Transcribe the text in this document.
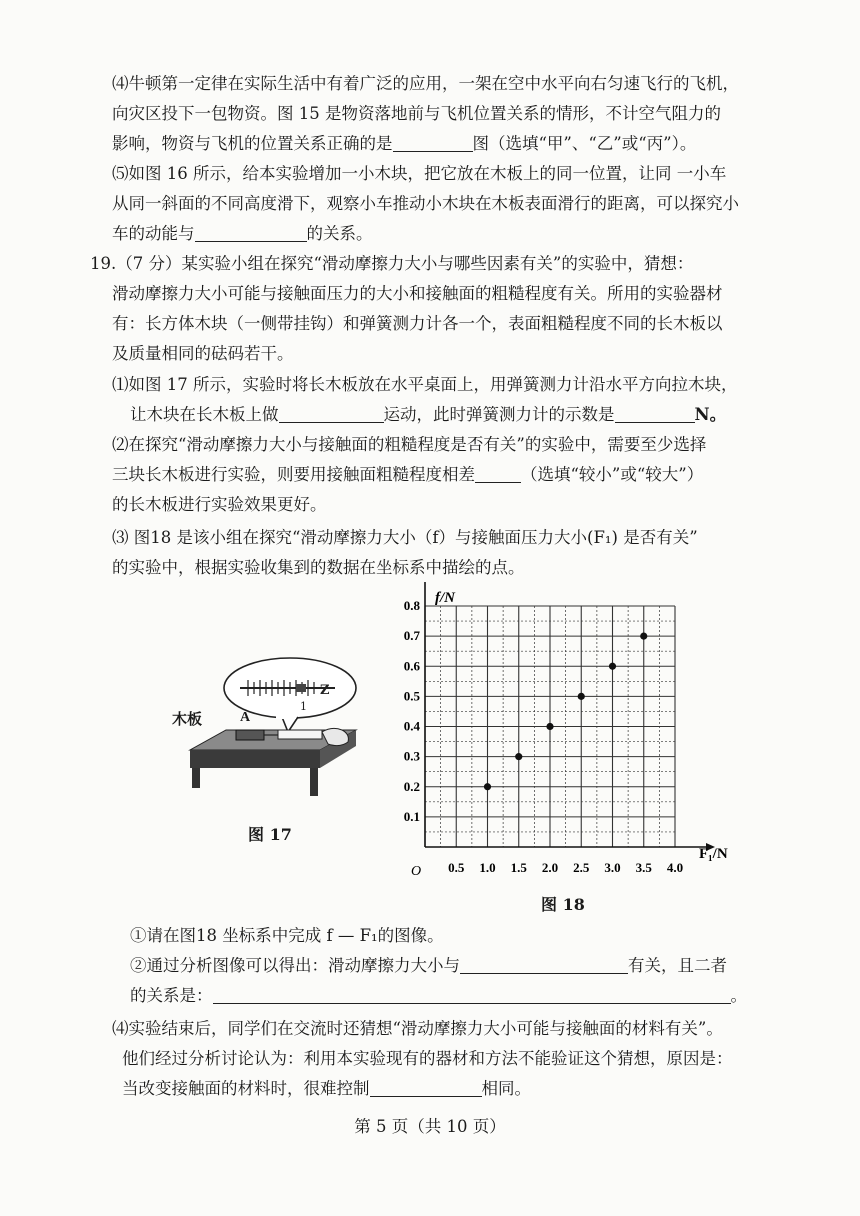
⑷牛顿第一定律在实际生活中有着广泛的应用，一架在空中水平向右匀速飞行的飞机，
向灾区投下一包物资。图 15 是物资落地前与飞机位置关系的情形，不计空气阻力的
影响，物资与飞机的位置关系正确的是	图（选填“甲”、“乙”或“丙”）。
⑸如图 16 所示，给本实验增加一小木块，把它放在木板上的同一位置，让同 一小车
从同一斜面的不同高度滑下，观察小车推动小木块在木板表面滑行的距离，可以探究小
车的动能与	的关系。
19.（7 分）某实验小组在探究“滑动摩擦力大小与哪些因素有关”的实验中，猜想：
滑动摩擦力大小可能与接触面压力的大小和接触面的粗糙程度有关。所用的实验器材
有：长方体木块（一侧带挂钩）和弹簧测力计各一个，表面粗糙程度不同的长木板以
及质量相同的砝码若干。
⑴如图 17 所示，实验时将长木板放在水平桌面上，用弹簧测力计沿水平方向拉木块，
让木块在长木板上做	运动，此时弹簧测力计的示数是	N。
⑵在探究“滑动摩擦力大小与接触面的粗糙程度是否有关”的实验中，需要至少选择
三块长木板进行实验，则要用接触面粗糙程度相差	（选填“较小”或“较大”）
的长木板进行实验效果更好。
⑶ 图18 是该小组在探究“滑动摩擦力大小（f）与接触面压力大小(F₁) 是否有关”
的实验中，根据实验收集到的数据在坐标系中描绘的点。
Z
1
木板	A
图 17
0.5 1.0 1.5 2.0 2.5 3.0 3.5 4.0
0.1
0.2
0.3
0.4
0.5
0.6
0.7
0.8 f/N
F₁/N
O
图 18
①请在图18 坐标系中完成 f — F₁的图像。
②通过分析图像可以得出：滑动摩擦力大小与	有关，且二者
的关系是：	。
⑷实验结束后，同学们在交流时还猜想“滑动摩擦力大小可能与接触面的材料有关”。
他们经过分析讨论认为：利用本实验现有的器材和方法不能验证这个猜想，原因是：
当改变接触面的材料时，很难控制	相同。
第 5 页（共 10 页）
